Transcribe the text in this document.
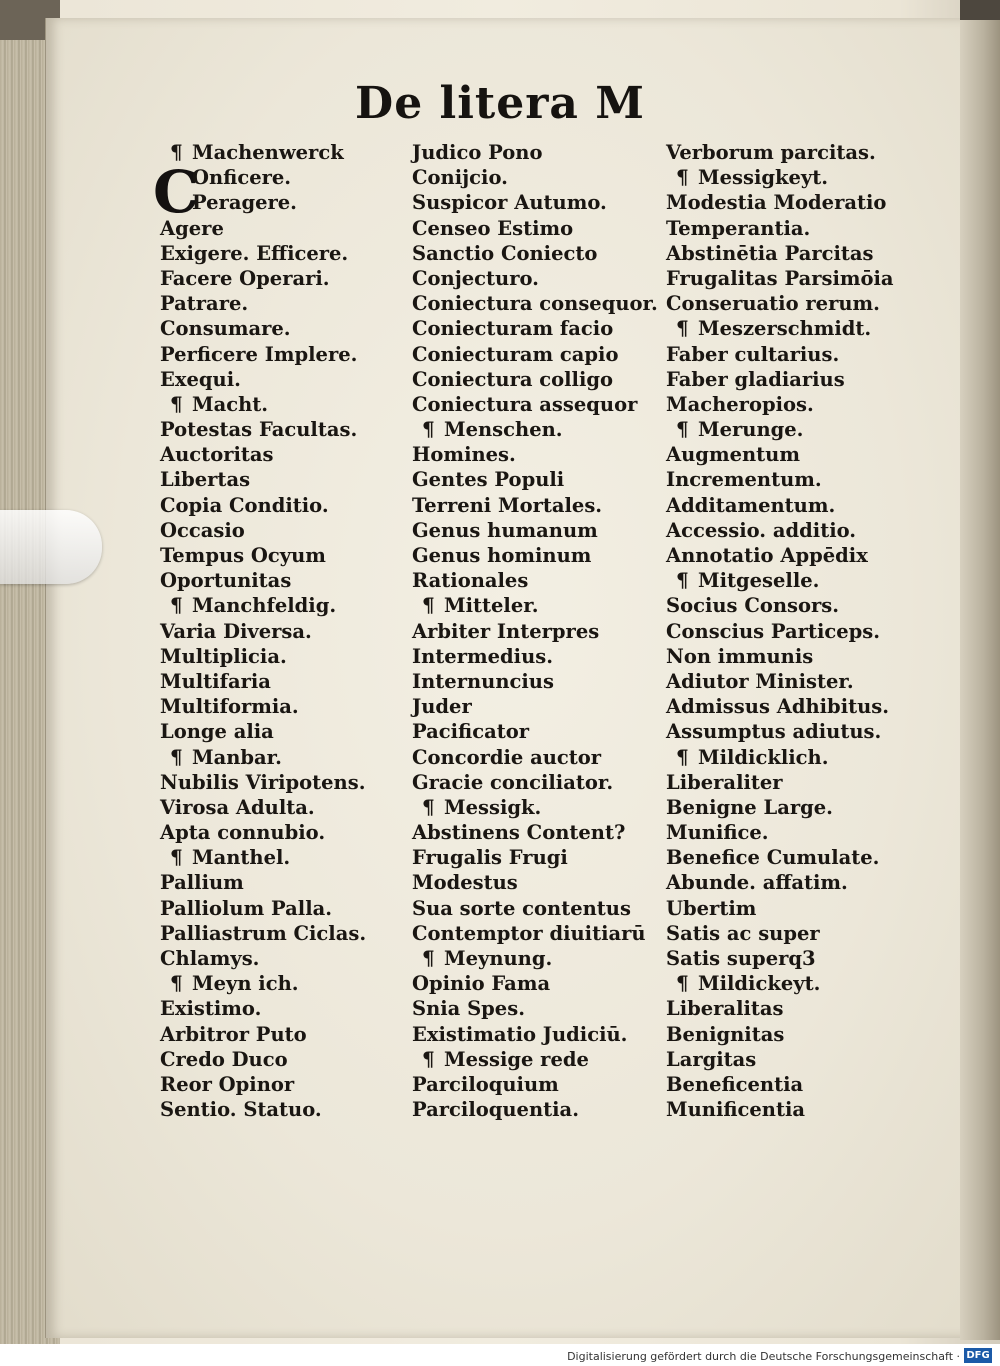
De litera M
C
¶ Machenwerck
Onficere.
Peragere.
Agere
Exigere. Efficere.
Facere Operari.
Patrare.
Consumare.
Perficere Implere.
Exequi.
¶ Macht.
Potestas Facultas.
Auctoritas
Libertas
Copia Conditio.
Occasio
Tempus Ocyum
Oportunitas
¶ Manchfeldig.
Varia Diversa.
Multiplicia.
Multifaria
Multiformia.
Longe alia
¶ Manbar.
Nubilis Viripotens.
Virosa Adulta.
Apta connubio.
¶ Manthel.
Pallium
Palliolum Palla.
Palliastrum Ciclas.
Chlamys.
¶ Meyn ich.
Existimo.
Arbitror Puto
Credo Duco
Reor Opinor
Sentio. Statuo.
Judico Pono
Conijcio.
Suspicor Autumo.
Censeo Estimo
Sanctio Coniecto
Conjecturo.
Coniectura consequor.
Coniecturam facio
Coniecturam capio
Coniectura colligo
Coniectura assequor
¶ Menschen.
Homines.
Gentes Populi
Terreni Mortales.
Genus humanum
Genus hominum
Rationales
¶ Mitteler.
Arbiter Interpres
Intermedius.
Internuncius
Juder
Pacificator
Concordie auctor
Gracie conciliator.
¶ Messigk.
Abstinens Content?
Frugalis Frugi
Modestus
Sua sorte contentus
Contemptor diuitiarū
¶ Meynung.
Opinio Fama
Snia Spes.
Existimatio Judiciū.
¶ Messige rede
Parciloquium
Parciloquentia.
Verborum parcitas.
¶ Messigkeyt.
Modestia Moderatio
Temperantia.
Abstinētia Parcitas
Frugalitas Parsimōia
Conseruatio rerum.
¶ Meszerschmidt.
Faber cultarius.
Faber gladiarius
Macheropios.
¶ Merunge.
Augmentum
Incrementum.
Additamentum.
Accessio. additio.
Annotatio Appēdix
¶ Mitgeselle.
Socius Consors.
Conscius Particeps.
Non immunis
Adiutor Minister.
Admissus Adhibitus.
Assumptus adiutus.
¶ Mildicklich.
Liberaliter
Benigne Large.
Munifice.
Benefice Cumulate.
Abunde. affatim.
Ubertim
Satis ac super
Satis superq3
¶ Mildickeyt.
Liberalitas
Benignitas
Largitas
Beneficentia
Munificentia
Digitalisierung gefördert durch die Deutsche Forschungsgemeinschaft · DFG
